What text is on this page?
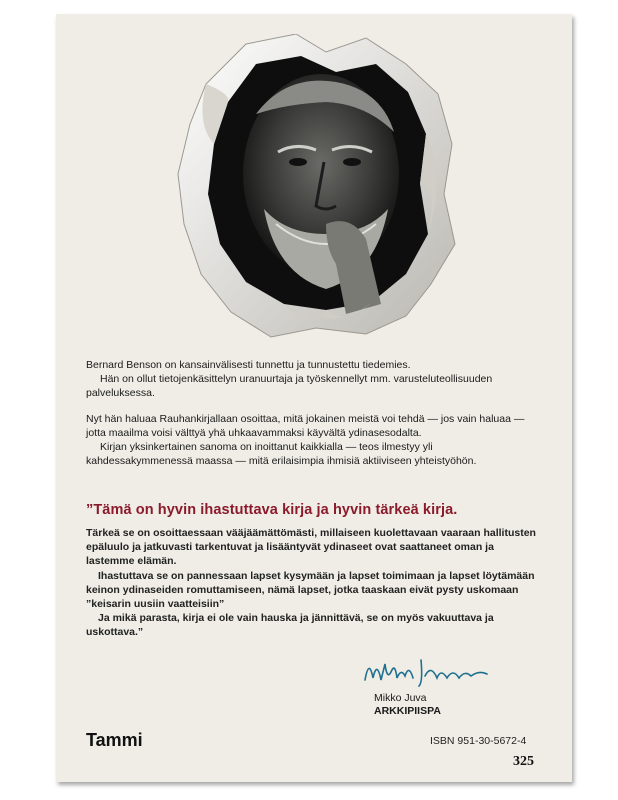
Bernard Benson on kansainvälisesti tunnettu ja tunnustettu tiedemies.

Hän on ollut tietojenkäsittelyn uranuurtaja ja työskennellyt mm. varusteluteollisuuden palveluksessa.

Nyt hän haluaa Rauhankirjallaan osoittaa, mitä jokainen meistä voi tehdä — jos vain haluaa — jotta maailma voisi välttyä yhä uhkaavammaksi käyvältä ydinasesodalta.

Kirjan yksinkertainen sanoma on inoittanut kaikkialla — teos ilmestyy yli kahdessakymmenessä maassa — mitä erilaisimpia ihmisiä aktiiviseen yhteistyöhön.

”Tämä on hyvin ihastuttava kirja ja hyvin tärkeä kirja.

Tärkeä se on osoittaessaan vääjäämättömästi, millaiseen kuolettavaan vaaraan hallitusten epäluulo ja jatkuvasti tarkentuvat ja lisääntyvät ydinaseet ovat saattaneet oman ja lastemme elämän.

Ihastuttava se on pannessaan lapset kysymään ja lapset toimimaan ja lapset löytämään keinon ydinaseiden romuttamiseen, nämä lapset, jotka taaskaan eivät pysty uskomaan ”keisarin uusiin vaatteisiin”

Ja mikä parasta, kirja ei ole vain hauska ja jännittävä, se on myös vakuuttava ja uskottava.”

Mikko Juva
ARKKIPIISPA
Tammi	ISBN 951-30-5672-4
325
